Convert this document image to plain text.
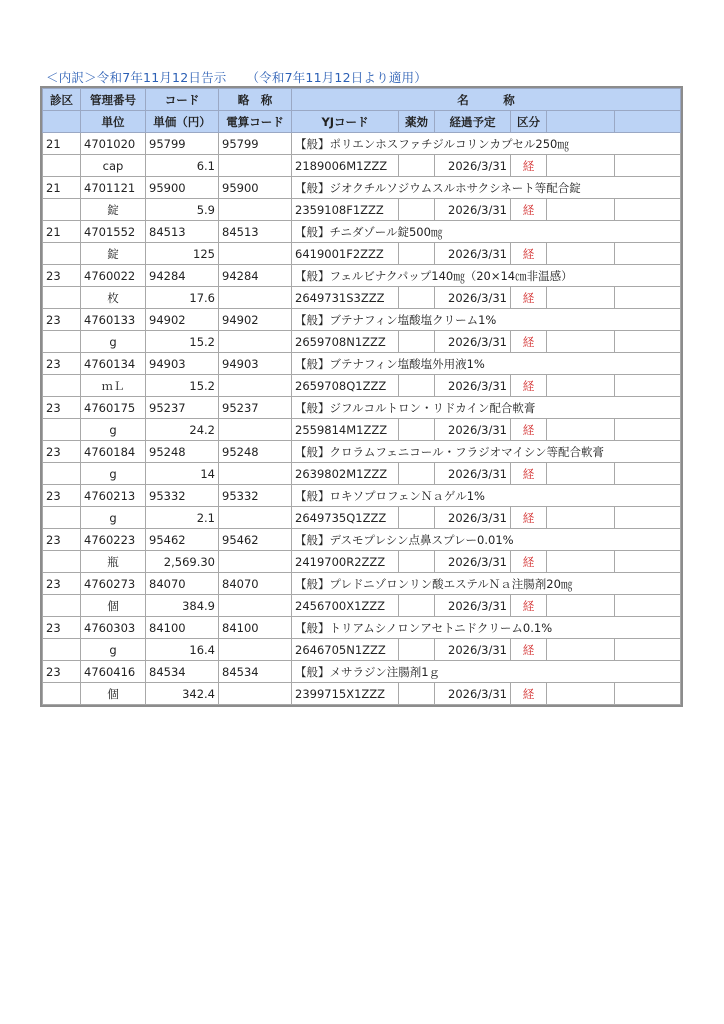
＜内訳＞令和7年11月12日告示 （令和7年11月12日より適用）
診区	管理番号	コード	略　称	名　　　称					
	単位	単価（円）	電算コード	YJコード	薬効	経過予定	区分		
21	4701020	95799	95799	【般】ポリエンホスファチジルコリンカプセル250㎎					
	cap	6.1		2189006M1ZZZ		2026/3/31	経		
21	4701121	95900	95900	【般】ジオクチルソジウムスルホサクシネート等配合錠					
	錠	5.9		2359108F1ZZZ		2026/3/31	経		
21	4701552	84513	84513	【般】チニダゾール錠500㎎					
	錠	125		6419001F2ZZZ		2026/3/31	経		
23	4760022	94284	94284	【般】フェルビナクパップ140㎎（20×14㎝非温感）					
	枚	17.6		2649731S3ZZZ		2026/3/31	経		
23	4760133	94902	94902	【般】ブテナフィン塩酸塩クリーム1%					
	g	15.2		2659708N1ZZZ		2026/3/31	経		
23	4760134	94903	94903	【般】ブテナフィン塩酸塩外用液1%					
	ｍＬ	15.2		2659708Q1ZZZ		2026/3/31	経		
23	4760175	95237	95237	【般】ジフルコルトロン・リドカイン配合軟膏					
	g	24.2		2559814M1ZZZ		2026/3/31	経		
23	4760184	95248	95248	【般】クロラムフェニコール・フラジオマイシン等配合軟膏					
	g	14		2639802M1ZZZ		2026/3/31	経		
23	4760213	95332	95332	【般】ロキソプロフェンＮａゲル1%					
	g	2.1		2649735Q1ZZZ		2026/3/31	経		
23	4760223	95462	95462	【般】デスモプレシン点鼻スプレー0.01%					
	瓶	2,569.30		2419700R2ZZZ		2026/3/31	経		
23	4760273	84070	84070	【般】プレドニゾロンリン酸エステルＮａ注腸剤20㎎					
	個	384.9		2456700X1ZZZ		2026/3/31	経		
23	4760303	84100	84100	【般】トリアムシノロンアセトニドクリーム0.1%					
	g	16.4		2646705N1ZZZ		2026/3/31	経		
23	4760416	84534	84534	【般】メサラジン注腸剤1ｇ					
	個	342.4		2399715X1ZZZ		2026/3/31	経		
